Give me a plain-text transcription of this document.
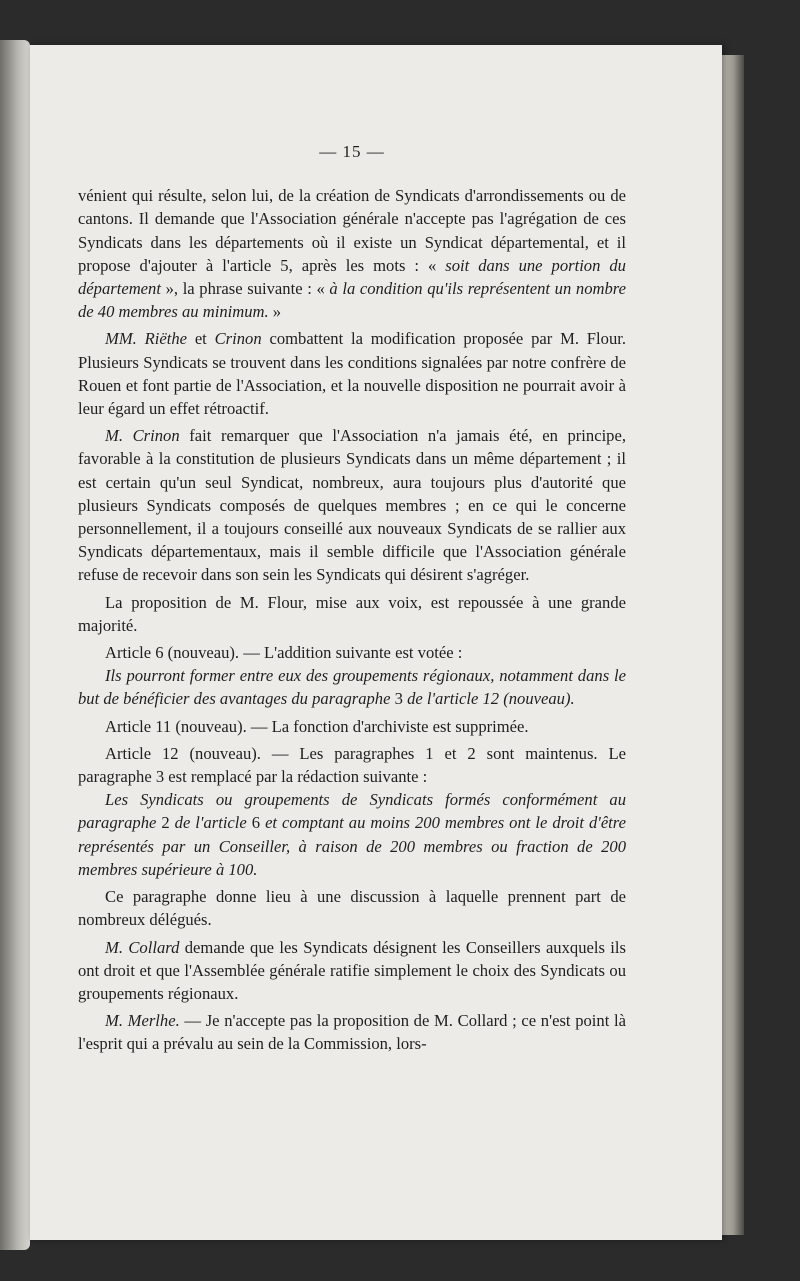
— 15 —

vénient qui résulte, selon lui, de la création de Syndicats d'arrondissements ou de cantons. Il demande que l'Association générale n'accepte pas l'agrégation de ces Syndicats dans les départements où il existe un Syndicat départemental, et il propose d'ajouter à l'article 5, après les mots : « soit dans une portion du département », la phrase suivante : « à la condition qu'ils représentent un nombre de 40 membres au minimum. »

MM. Riëthe et Crinon combattent la modification proposée par M. Flour. Plusieurs Syndicats se trouvent dans les conditions signalées par notre confrère de Rouen et font partie de l'Association, et la nouvelle disposition ne pourrait avoir à leur égard un effet rétroactif.

M. Crinon fait remarquer que l'Association n'a jamais été, en principe, favorable à la constitution de plusieurs Syndicats dans un même département ; il est certain qu'un seul Syndicat, nombreux, aura toujours plus d'autorité que plusieurs Syndicats composés de quelques membres ; en ce qui le concerne personnellement, il a toujours conseillé aux nouveaux Syndicats de se rallier aux Syndicats départementaux, mais il semble difficile que l'Association générale refuse de recevoir dans son sein les Syndicats qui désirent s'agréger.

La proposition de M. Flour, mise aux voix, est repoussée à une grande majorité.

Article 6 (nouveau). — L'addition suivante est votée :

Ils pourront former entre eux des groupements régionaux, notamment dans le but de bénéficier des avantages du paragraphe 3 de l'article 12 (nouveau).

Article 11 (nouveau). — La fonction d'archiviste est supprimée.

Article 12 (nouveau). — Les paragraphes 1 et 2 sont maintenus. Le paragraphe 3 est remplacé par la rédaction suivante :

Les Syndicats ou groupements de Syndicats formés conformément au paragraphe 2 de l'article 6 et comptant au moins 200 membres ont le droit d'être représentés par un Conseiller, à raison de 200 membres ou fraction de 200 membres supérieure à 100.

Ce paragraphe donne lieu à une discussion à laquelle prennent part de nombreux délégués.

M. Collard demande que les Syndicats désignent les Conseillers auxquels ils ont droit et que l'Assemblée générale ratifie simplement le choix des Syndicats ou groupements régionaux.

M. Merlhe. — Je n'accepte pas la proposition de M. Collard ; ce n'est point là l'esprit qui a prévalu au sein de la Commission, lors-
